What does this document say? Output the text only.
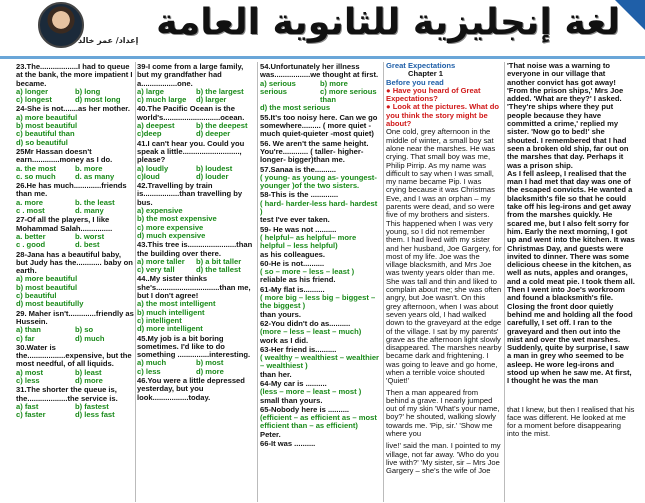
إعداد/ عمر خالد لغة إنجليزية للثانوية العامة
23.The..................I had to queue at the bank, the more impatient I became.
a) longer	b) long
c) longest	d) most long
24-She is not.......as her mother.
a) more beautiful
b) most beautiful
c) beautiful than
d) so beautiful
25Mr Hassan doesn't earn.............money as I do.
a. the most	b. more
c. so much	d. as many
26.He has much.............friends than me.
a. more	b. the least
c . most	d. many
27-Of all the players, I like Mohammad Salah...............
a. better	b. worst
c . good	d. best
28-Jana has a beautiful baby, but Judy has the............ baby on earth.
a) more beautiful
b) most beautiful
c) beautiful
d) most beautifully
29. Maher isn't.............friendly as Hussein.
a) than	b) so
c) far	d) much
30.Water is the..................expensive, but the most needful, of all liquids.
a) most	b) least
c) less	d) more
31.The shorter the queue is, the...................the service is.
a) fast	b) fastest
c) faster	d) less fast
39-I come from a large family, but my grandfather had a.................one.
a) large	b) the largest
c) much large	d) larger
40.The Pacific Ocean is the world's...........................ocean.
a) deepest	b) the deepest
c)deep	d) deeper
41.I can't hear you. Could you speak a little..........................., please?
a) loudly	b) loudest
c)loud	d) louder
42.Travelling by train is.................than travelling by bus.
a) expensive
b) the most expensive
c) more expensive
d) much expensive
43.This tree is.......................than the building over there.
a) more taller	b) a bit taller
c) very tall	d) the tallest
44..My sister thinks she's..............................than me, but I don't agree!
a) the most intelligent
b) much intelligent
c) intelligent
d) more intelligent
45.My job is a bit boring sometimes. I'd like to do something ...............interesting.
a) much	b) most
c) less	d) more
46.You were a little depressed yesterday, but you look.................today.
54.Unfortunately her illness was.................we thought at first.
a) serious	b) more
serious	c) more serious than
d) the most serious
55.It's too noisy here. Can we go somewhere......... ( more quiet - much quiet-quieter -most quiet)
56. We aren't the same height. You're............ ( taller- higher- longer- bigger)than me.
57.Sanaa is the..........
( young- as young as- youngest- younger )of the two sisters.
58-This is the .............
( hard- harder-less hard- hardest )
test I've ever taken.
59- He was not ..........
( helpful– as helpful– more helpful – less helpful)
as his colleagues.
60-He is not..........
( so – more – less – least )
reliable as his friend.
61-My flat is..........
( more big – less big – biggest – the biggest )
than yours.
62-You didn't do as..........
(more – less – least – much)
work as I did.
63-Her friend is..........
( wealthy – wealthiest – wealthier – wealthiest )
than her.
64-My car is ..........
(less – more – least – most )
small than yours.
65-Nobody here is ..........
(efficient – as efficient as – most efficient than – as efficient)
Peter.
66-It was ..........
Great Expectations
Chapter 1
Before you read
● Have you heard of Great Expectations?
● Look at the pictures. What do you think the story might be about?

One cold, grey afternoon in the middle of winter, a small boy sat alone near the marshes. He was crying. That small boy was me, Philip Pirrip. As my name was difficult to say when I was small, my name became Pip. I was crying because it was Christmas Eve, and I was an orphan – my parents were dead, and so were five of my brothers and sisters. This happened when I was very young, so I did not remember them. I had lived with my sister and her husband, Joe Gargery, for most of my life. Joe was the village blacksmith, and Mrs Joe was twenty years older than me. She was tall and thin and liked to complain about me; she was often angry, but Joe wasn't. On this grey afternoon, when I was about seven years old, I had walked down to the graveyard at the edge of the village. I sat by my parents' grave as the afternoon light slowly disappeared. The marshes nearby became dark and frightening. I was going to leave and go home, when a terrible voice shouted 'Quiet!'

Then a man appeared from behind a grave. I nearly jumped out of my skin 'What's your name, boy?' he shouted, walking slowly towards me. 'Pip, sir.' 'Show me where you

live!' said the man. I pointed to my village, not far away. 'Who do you live with?' 'My sister, sir – Mrs Joe Gargery – she's the wife of Joe

'That noise was a warning to everyone in our village that another convict has got away! 'From the prison ships,' Mrs Joe added. 'What are they?' I asked. 'They're ships where they put people because they have committed a crime,' replied my sister. 'Now go to bed!' she shouted. I remembered that I had seen a broken old ship, far out on the marshes that day. Perhaps it was a prison ship.

As I fell asleep, I realised that the man I had met that day was one of the escaped convicts. He wanted a blacksmith's file so that he could take off his leg-irons and get away from the marshes quickly. He scared me, but I also felt sorry for him. Early the next morning, I got up and went into the kitchen. It was Christmas Day, and guests were invited to dinner. There was some delicious cheese in the kitchen, as well as nuts, apples and oranges, and a cold meat pie. I took them all. Then I went into Joe's workroom and found a blacksmith's file. Closing the front door quietly behind me and holding all the food carefully, I set off. I ran to the graveyard and then out into the mist and over the wet marshes.

Suddenly, quite by surprise, I saw a man in grey who seemed to be asleep. He wore leg-irons and stood up when he saw me. At first, I thought he was the man

that I knew, but then I realised that his face was different. He looked at me for a moment before disappearing into the mist.
